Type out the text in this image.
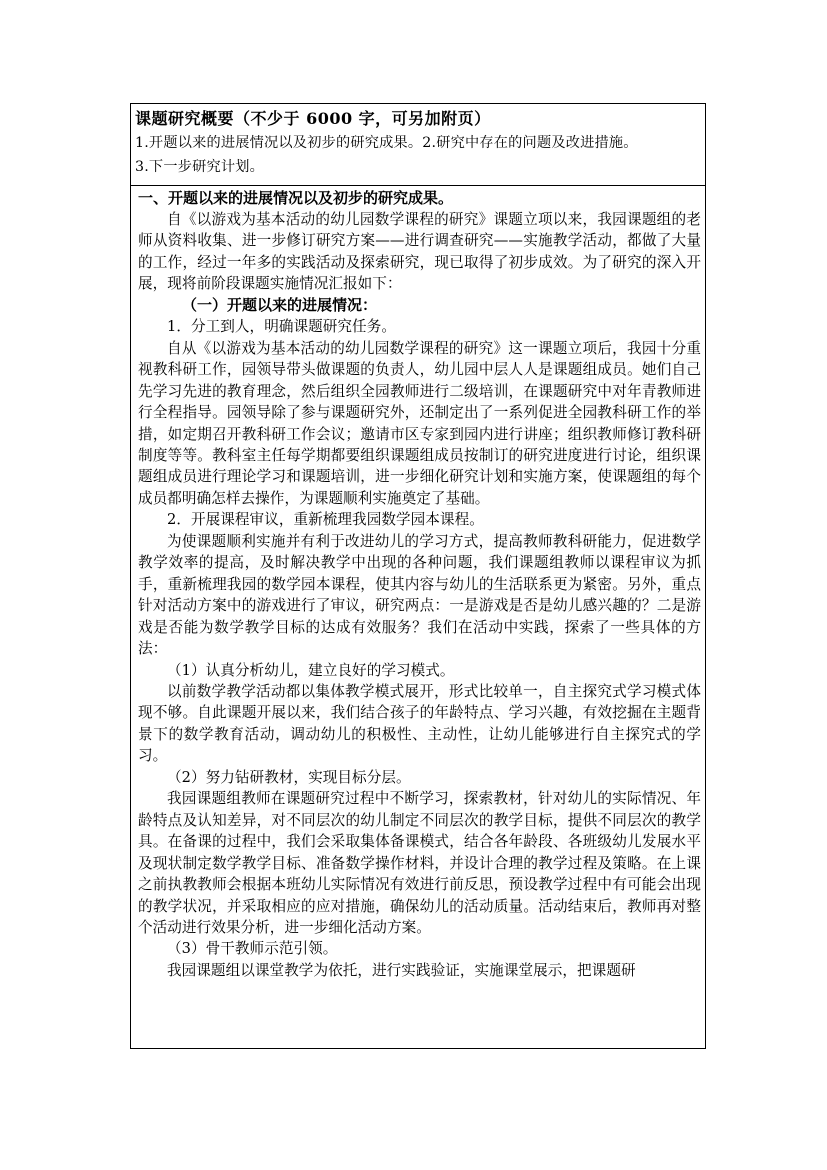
课题研究概要（不少于 6000 字，可另加附页）
1.开题以来的进展情况以及初步的研究成果。2.研究中存在的问题及改进措施。
3.下一步研究计划。
一、开题以来的进展情况以及初步的研究成果。

自《以游戏为基本活动的幼儿园数学课程的研究》课题立项以来，我园课题组的老师从资料收集、进一步修订研究方案——进行调查研究——实施教学活动，都做了大量的工作，经过一年多的实践活动及探索研究，现已取得了初步成效。为了研究的深入开展，现将前阶段课题实施情况汇报如下：

（一）开题以来的进展情况：

1．分工到人，明确课题研究任务。

自从《以游戏为基本活动的幼儿园数学课程的研究》这一课题立项后，我园十分重视教科研工作，园领导带头做课题的负责人，幼儿园中层人人是课题组成员。她们自己先学习先进的教育理念，然后组织全园教师进行二级培训，在课题研究中对年青教师进行全程指导。园领导除了参与课题研究外，还制定出了一系列促进全园教科研工作的举措，如定期召开教科研工作会议；邀请市区专家到园内进行讲座；组织教师修订教科研制度等等。教科室主任每学期都要组织课题组成员按制订的研究进度进行讨论，组织课题组成员进行理论学习和课题培训，进一步细化研究计划和实施方案，使课题组的每个成员都明确怎样去操作，为课题顺利实施奠定了基础。

2．开展课程审议，重新梳理我园数学园本课程。

为使课题顺利实施并有利于改进幼儿的学习方式，提高教师教科研能力，促进数学教学效率的提高，及时解决教学中出现的各种问题，我们课题组教师以课程审议为抓手，重新梳理我园的数学园本课程，使其内容与幼儿的生活联系更为紧密。另外，重点针对活动方案中的游戏进行了审议，研究两点：一是游戏是否是幼儿感兴趣的？二是游戏是否能为数学教学目标的达成有效服务？我们在活动中实践，探索了一些具体的方法：

（1）认真分析幼儿，建立良好的学习模式。

以前数学教学活动都以集体教学模式展开，形式比较单一，自主探究式学习模式体现不够。自此课题开展以来，我们结合孩子的年龄特点、学习兴趣，有效挖掘在主题背景下的数学教育活动，调动幼儿的积极性、主动性，让幼儿能够进行自主探究式的学习。

（2）努力钻研教材，实现目标分层。

我园课题组教师在课题研究过程中不断学习，探索教材，针对幼儿的实际情况、年龄特点及认知差异，对不同层次的幼儿制定不同层次的教学目标，提供不同层次的教学具。在备课的过程中，我们会采取集体备课模式，结合各年龄段、各班级幼儿发展水平及现状制定数学教学目标、准备数学操作材料，并设计合理的教学过程及策略。在上课之前执教教师会根据本班幼儿实际情况有效进行前反思，预设教学过程中有可能会出现的教学状况，并采取相应的应对措施，确保幼儿的活动质量。活动结束后，教师再对整个活动进行效果分析，进一步细化活动方案。

（3）骨干教师示范引领。

我园课题组以课堂教学为依托，进行实践验证，实施课堂展示，把课题研
